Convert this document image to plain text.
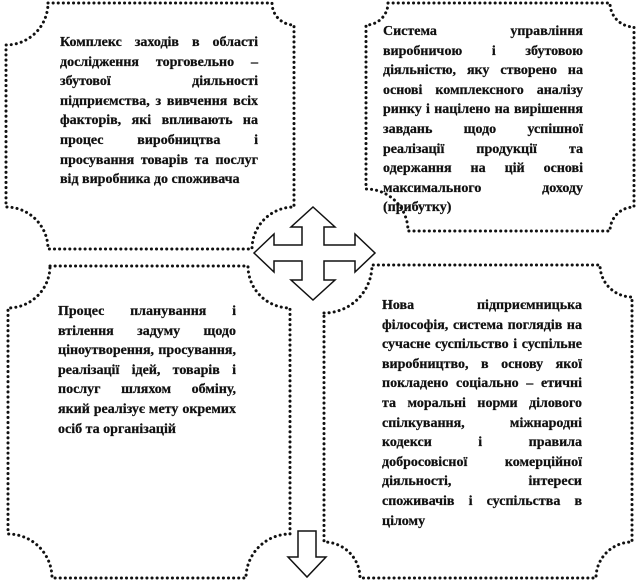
Комплекс заходів в області дослідження торговельно – збутової діяльності підприємства, з вивчення всіх факторів, які впливають на процес виробництва і просування товарів та послуг від виробника до споживача

Система управління виробничою і збутовою діяльністю, яку створено на основі комплексного аналізу ринку і націлено на вирішення завдань щодо успішної реалізації продукції та одержання на цій основі максимального доходу (прибутку)

Процес планування і втілення задуму щодо ціноутворення, просування, реалізації ідей, товарів і послуг шляхом обміну, який реалізує мету окремих осіб та організацій

Нова підприємницька філософія, система поглядів на сучасне суспільство і суспільне виробництво, в основу якої покладено соціально – етичні та моральні норми ділового спілкування, міжнародні кодекси і правила добросовісної комерційної діяльності, інтереси споживачів і суспільства в цілому
